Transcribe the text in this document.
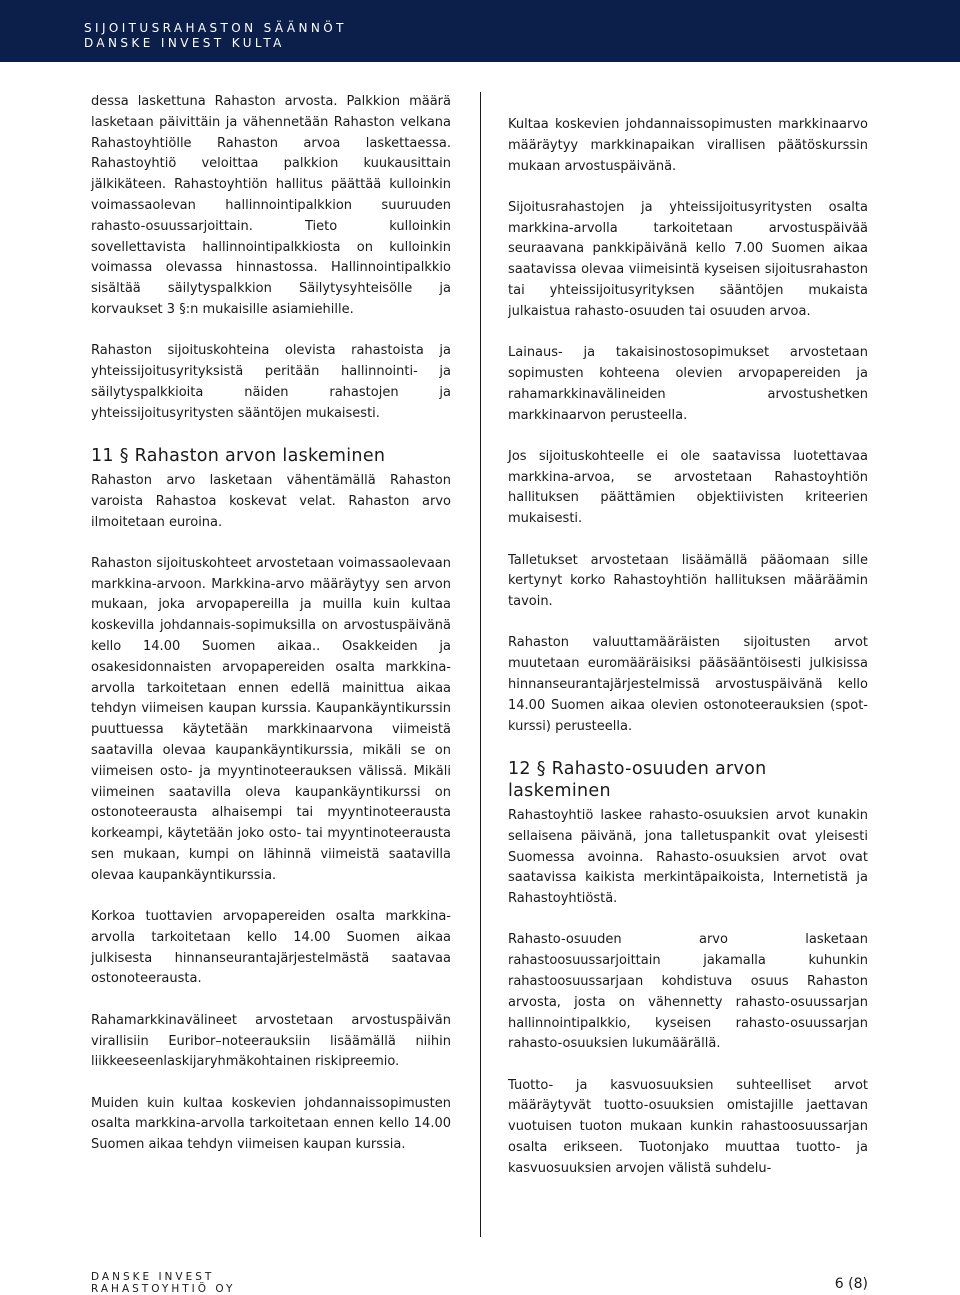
SIJOITUSRAHASTON SÄÄNNÖT
DANSKE INVEST KULTA

dessa laskettuna Rahaston arvosta. Palkkion määrä lasketaan päivittäin ja vähennetään Rahaston velkana Rahastoyhtiölle Rahaston arvoa laskettaessa. Rahastoyhtiö veloittaa palkkion kuukausittain jälkikäteen. Rahastoyhtiön hallitus päättää kulloinkin voimassaolevan hallinnointipalkkion suuruuden rahasto-osuussarjoittain. Tieto kulloinkin sovellettavista hallinnointipalkkiosta on kulloinkin voimassa olevassa hinnastossa. Hallinnointipalkkio sisältää säilytyspalkkion Säilytysyhteisölle ja korvaukset 3 §:n mukaisille asiamiehille.

Rahaston sijoituskohteina olevista rahastoista ja yhteissijoitusyrityksistä peritään hallinnointi- ja säilytyspalkkioita näiden rahastojen ja yhteissijoitusyritysten sääntöjen mukaisesti.

11 § Rahaston arvon laskeminen

Rahaston arvo lasketaan vähentämällä Rahaston varoista Rahastoa koskevat velat. Rahaston arvo ilmoitetaan euroina.

Rahaston sijoituskohteet arvostetaan voimassaolevaan markkina-arvoon. Markkina-arvo määräytyy sen arvon mukaan, joka arvopapereilla ja muilla kuin kultaa koskevilla johdannais-sopimuksilla on arvostuspäivänä kello 14.00 Suomen aikaa.. Osakkeiden ja osakesidonnaisten arvopapereiden osalta markkina-arvolla tarkoitetaan ennen edellä mainittua aikaa tehdyn viimeisen kaupan kurssia. Kaupankäyntikurssin puuttuessa käytetään markkinaarvona viimeistä saatavilla olevaa kaupankäyntikurssia, mikäli se on viimeisen osto- ja myyntinoteerauksen välissä. Mikäli viimeinen saatavilla oleva kaupankäyntikurssi on ostonoteerausta alhaisempi tai myyntinoteerausta korkeampi, käytetään joko osto- tai myyntinoteerausta sen mukaan, kumpi on lähinnä viimeistä saatavilla olevaa kaupankäyntikurssia.

Korkoa tuottavien arvopapereiden osalta markkina-arvolla tarkoitetaan kello 14.00 Suomen aikaa julkisesta hinnanseurantajärjestelmästä saatavaa ostonoteerausta.

Rahamarkkinavälineet arvostetaan arvostuspäivän virallisiin Euribor–noteerauksiin lisäämällä niihin liikkeeseenlaskijaryhmäkohtainen riskipreemio.

Muiden kuin kultaa koskevien johdannaissopimusten osalta markkina-arvolla tarkoitetaan ennen kello 14.00 Suomen aikaa tehdyn viimeisen kaupan kurssia.

Kultaa koskevien johdannaissopimusten markkinaarvo määräytyy markkinapaikan virallisen päätöskurssin mukaan arvostuspäivänä.

Sijoitusrahastojen ja yhteissijoitusyritysten osalta markkina-arvolla tarkoitetaan arvostuspäivää seuraavana pankkipäivänä kello 7.00 Suomen aikaa saatavissa olevaa viimeisintä kyseisen sijoitusrahaston tai yhteissijoitusyrityksen sääntöjen mukaista julkaistua rahasto-osuuden tai osuuden arvoa.

Lainaus- ja takaisinostosopimukset arvostetaan sopimusten kohteena olevien arvopapereiden ja rahamarkkinavälineiden arvostushetken markkinaarvon perusteella.

Jos sijoituskohteelle ei ole saatavissa luotettavaa markkina-arvoa, se arvostetaan Rahastoyhtiön hallituksen päättämien objektiivisten kriteerien mukaisesti.

Talletukset arvostetaan lisäämällä pääomaan sille kertynyt korko Rahastoyhtiön hallituksen määräämin tavoin.

Rahaston valuuttamääräisten sijoitusten arvot muutetaan euromääräisiksi pääsääntöisesti julkisissa hinnanseurantajärjestelmissä arvostuspäivänä kello 14.00 Suomen aikaa olevien ostonoteerauksien (spot-kurssi) perusteella.

12 § Rahasto-osuuden arvon laskeminen

Rahastoyhtiö laskee rahasto-osuuksien arvot kunakin sellaisena päivänä, jona talletuspankit ovat yleisesti Suomessa avoinna. Rahasto-osuuksien arvot ovat saatavissa kaikista merkintäpaikoista, Internetistä ja Rahastoyhtiöstä.

Rahasto-osuuden arvo lasketaan rahastoosuussarjoittain jakamalla kuhunkin rahastoosuussarjaan kohdistuva osuus Rahaston arvosta, josta on vähennetty rahasto-osuussarjan hallinnointipalkkio, kyseisen rahasto-osuussarjan rahasto-osuuksien lukumäärällä.

Tuotto- ja kasvuosuuksien suhteelliset arvot määräytyvät tuotto-osuuksien omistajille jaettavan vuotuisen tuoton mukaan kunkin rahastoosuussarjan osalta erikseen. Tuotonjako muuttaa tuotto- ja kasvuosuuksien arvojen välistä suhdelu-

DANSKE INVEST
RAHASTOYHTIÖ OY	6 (8)
